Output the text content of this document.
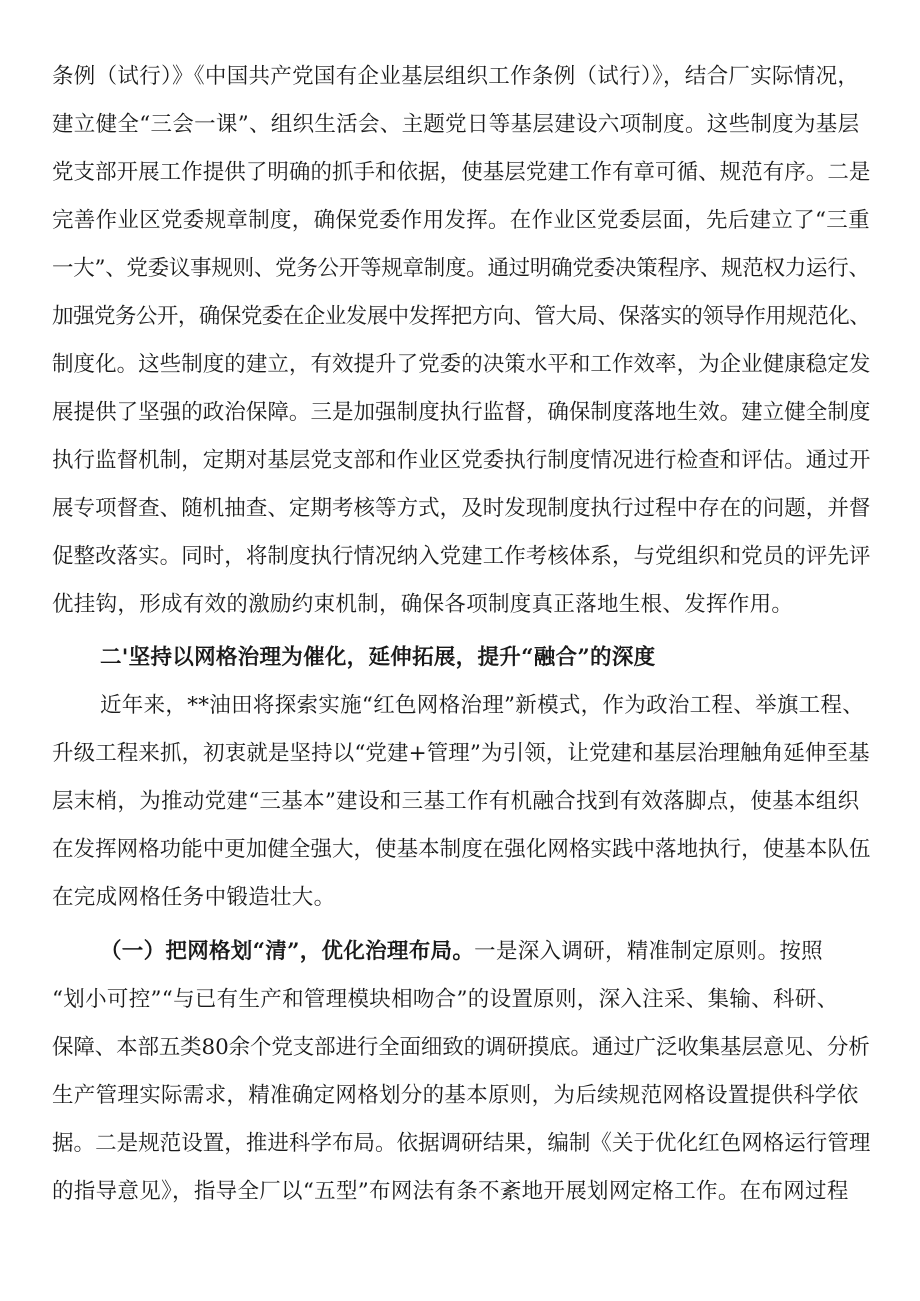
条例（试行）》《中国共产党国有企业基层组织工作条例（试行）》，结合厂实际情况，
建立健全“三会一课”、组织生活会、主题党日等基层建设六项制度。这些制度为基层
党支部开展工作提供了明确的抓手和依据，使基层党建工作有章可循、规范有序。二是
完善作业区党委规章制度，确保党委作用发挥。在作业区党委层面，先后建立了“三重
一大”、党委议事规则、党务公开等规章制度。通过明确党委决策程序、规范权力运行、
加强党务公开，确保党委在企业发展中发挥把方向、管大局、保落实的领导作用规范化、
制度化。这些制度的建立，有效提升了党委的决策水平和工作效率，为企业健康稳定发
展提供了坚强的政治保障。三是加强制度执行监督，确保制度落地生效。建立健全制度
执行监督机制，定期对基层党支部和作业区党委执行制度情况进行检查和评估。通过开
展专项督查、随机抽查、定期考核等方式，及时发现制度执行过程中存在的问题，并督
促整改落实。同时，将制度执行情况纳入党建工作考核体系，与党组织和党员的评先评
优挂钩，形成有效的激励约束机制，确保各项制度真正落地生根、发挥作用。
二'坚持以网格治理为催化，延伸拓展，提升“融合”的深度
近年来，**油田将探索实施“红色网格治理”新模式，作为政治工程、举旗工程、
升级工程来抓，初衷就是坚持以“党建+管理”为引领，让党建和基层治理触角延伸至基
层末梢，为推动党建“三基本”建设和三基工作有机融合找到有效落脚点，使基本组织
在发挥网格功能中更加健全强大，使基本制度在强化网格实践中落地执行，使基本队伍
在完成网格任务中锻造壮大。
（一）把网格划“清”，优化治理布局。一是深入调研，精准制定原则。按照
“划小可控”“与已有生产和管理模块相吻合”的设置原则，深入注采、集输、科研、
保障、本部五类80余个党支部进行全面细致的调研摸底。通过广泛收集基层意见、分析
生产管理实际需求，精准确定网格划分的基本原则，为后续规范网格设置提供科学依
据。二是规范设置，推进科学布局。依据调研结果，编制《关于优化红色网格运行管理
的指导意见》，指导全厂以“五型”布网法有条不紊地开展划网定格工作。在布网过程
